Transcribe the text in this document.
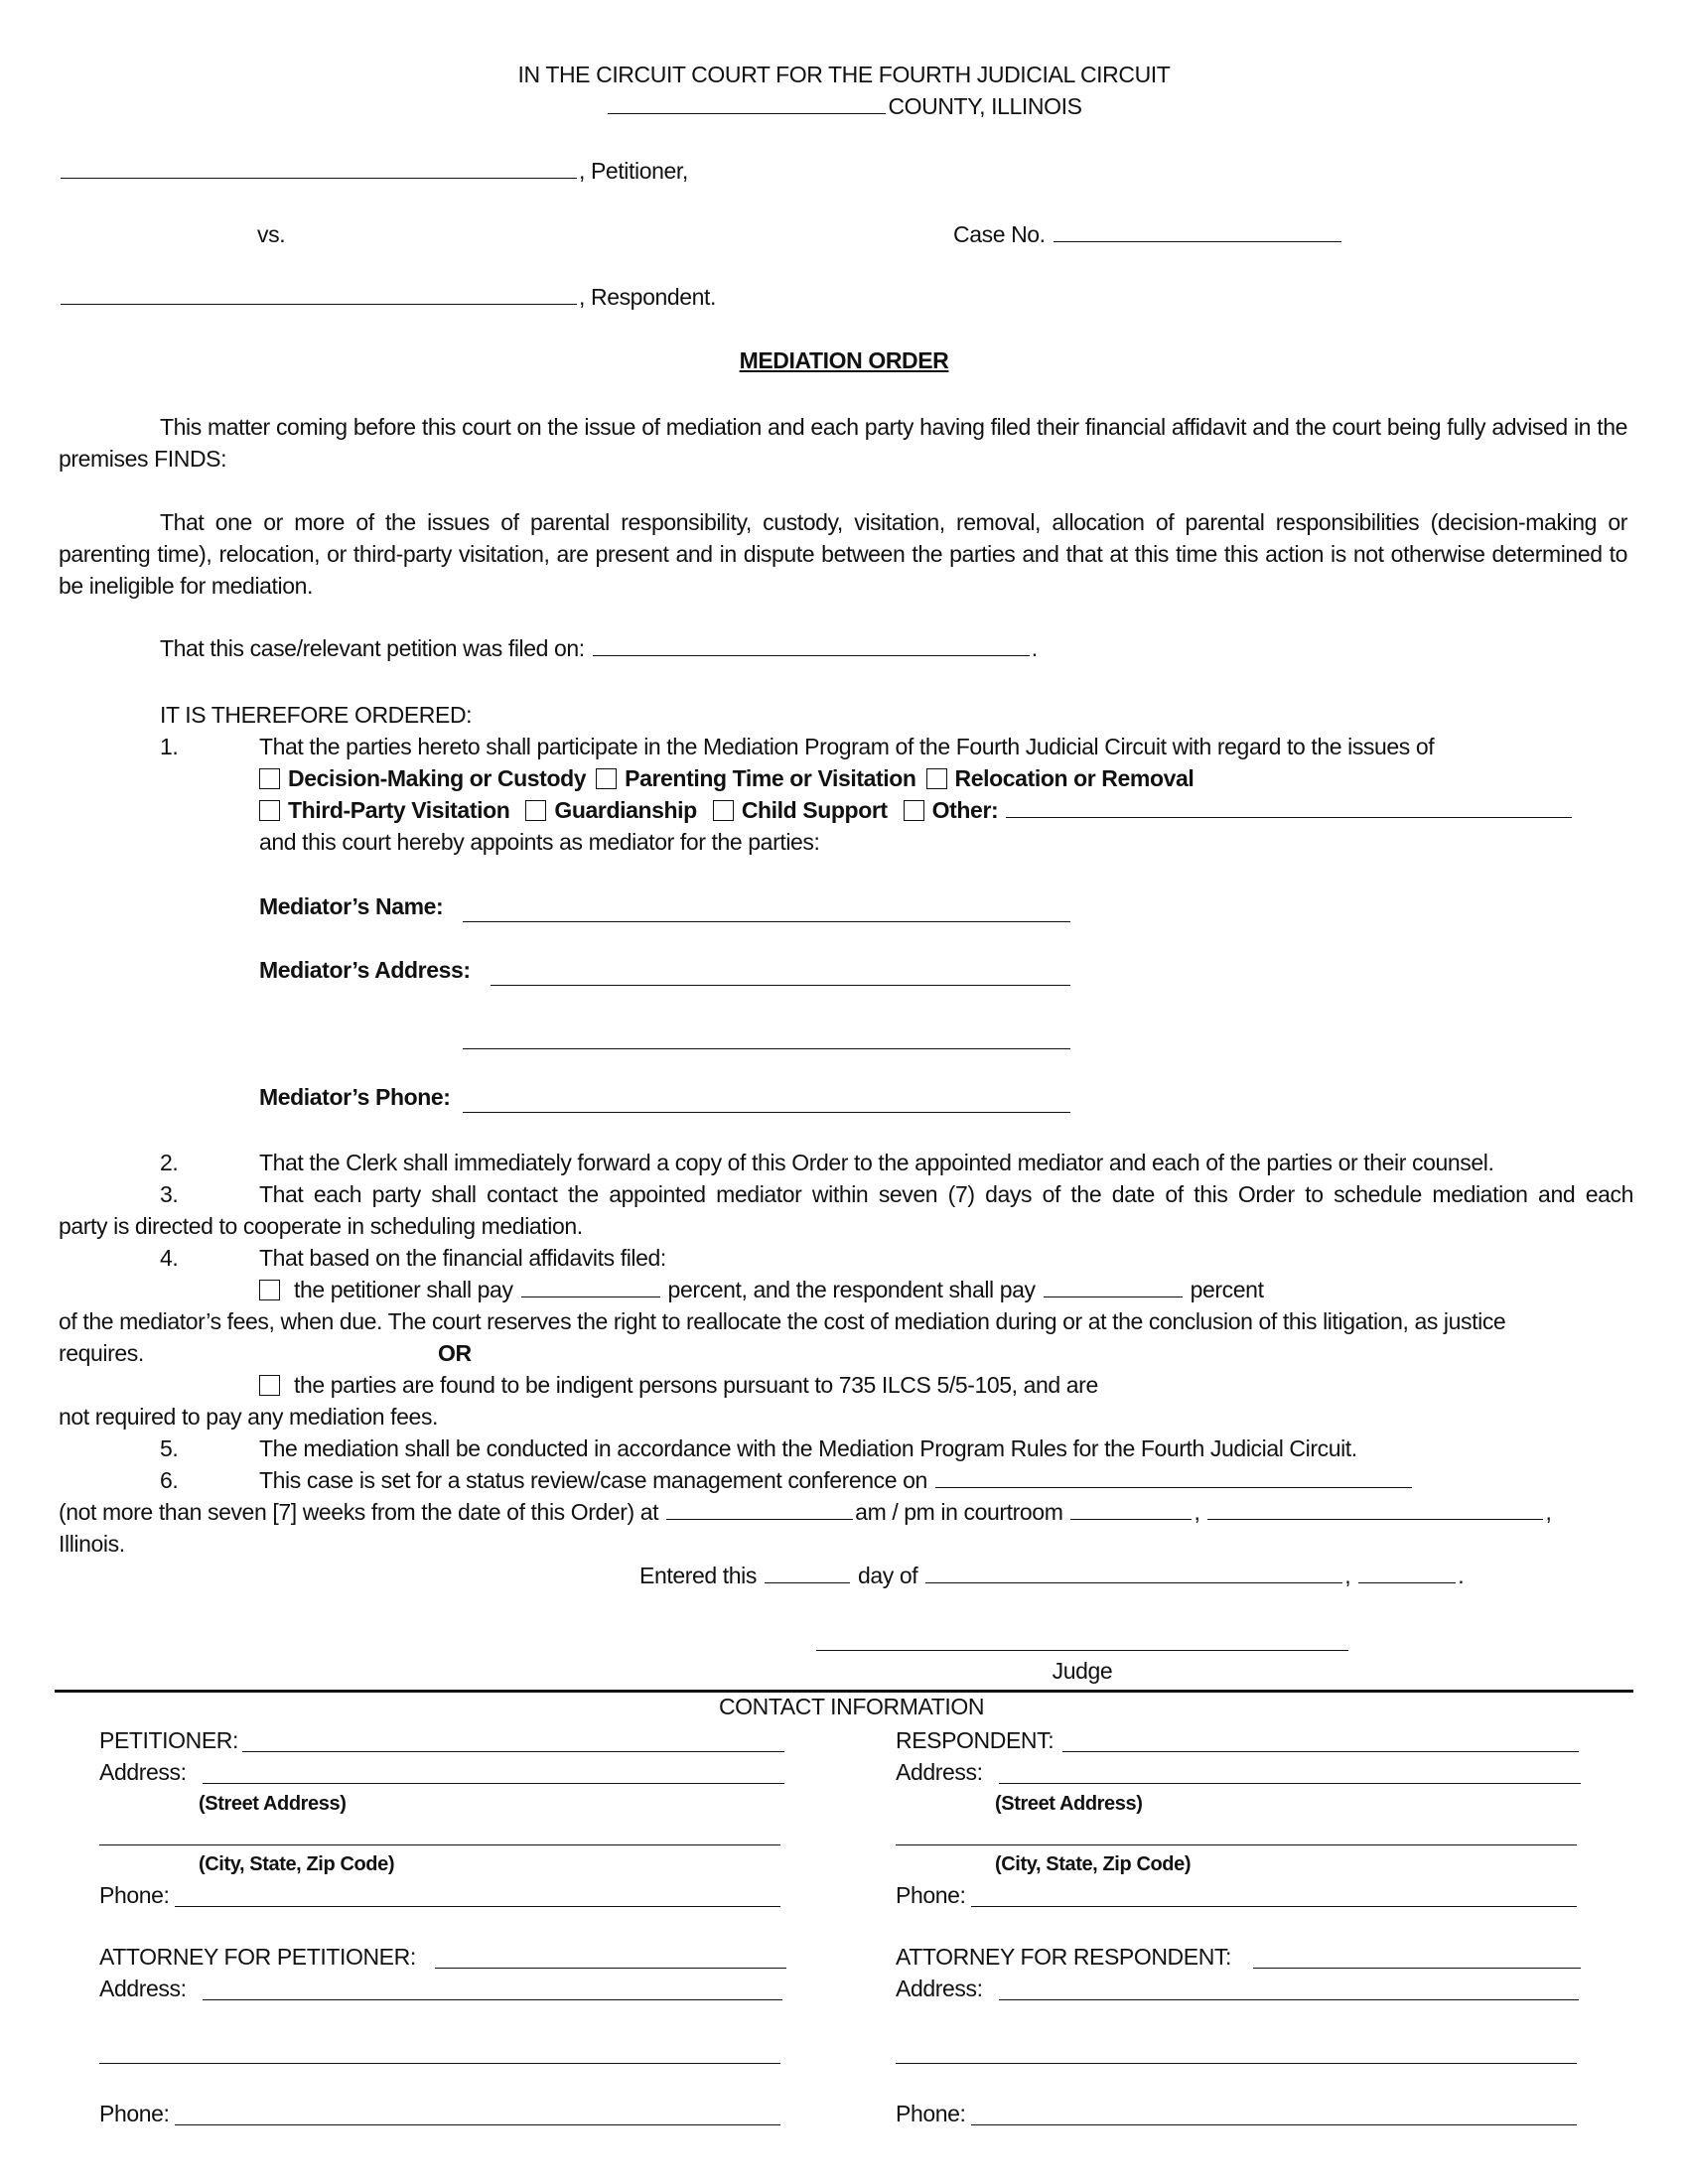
IN THE CIRCUIT COURT FOR THE FOURTH JUDICIAL CIRCUIT
COUNTY, ILLINOIS
, Petitioner,
vs.	Case No.
, Respondent.
MEDIATION ORDER
This matter coming before this court on the issue of mediation and each party having filed their financial affidavit and the court being fully advised in the premises FINDS:
That one or more of the issues of parental responsibility, custody, visitation, removal, allocation of parental responsibilities (decision-making or parenting time), relocation, or third-party visitation, are present and in dispute between the parties and that at this time this action is not otherwise determined to be ineligible for mediation.
That this case/relevant petition was filed on:	.
IT IS THEREFORE ORDERED:
1.	That the parties hereto shall participate in the Mediation Program of the Fourth Judicial Circuit with regard to the issues of
Decision-Making or Custody Parenting Time or Visitation Relocation or Removal
Third-Party Visitation Guardianship Child Support Other:
and this court hereby appoints as mediator for the parties:
Mediator’s Name:
Mediator’s Address:
Mediator’s Phone:
2.	That the Clerk shall immediately forward a copy of this Order to the appointed mediator and each of the parties or their counsel.
3.	That each party shall contact the appointed mediator within seven (7) days of the date of this Order to schedule mediation and each
party is directed to cooperate in scheduling mediation.
4.	That based on the financial affidavits filed:
the petitioner shall pay	percent, and the respondent shall pay	percent
of the mediator’s fees, when due. The court reserves the right to reallocate the cost of mediation during or at the conclusion of this litigation, as justice
requires.	OR
the parties are found to be indigent persons pursuant to 735 ILCS 5/5-105, and are
not required to pay any mediation fees.
5.	The mediation shall be conducted in accordance with the Mediation Program Rules for the Fourth Judicial Circuit.
6.	This case is set for a status review/case management conference on
(not more than seven [7] weeks from the date of this Order) at	am / pm in courtroom	,	,
Illinois.
Entered this	day of	,	.
Judge
CONTACT INFORMATION
PETITIONER:
Address:
(Street Address)
(City, State, Zip Code)
Phone:
ATTORNEY FOR PETITIONER:
Address:
Phone:
RESPONDENT:
Address:
(Street Address)
(City, State, Zip Code)
Phone:
ATTORNEY FOR RESPONDENT:
Address:
Phone:
